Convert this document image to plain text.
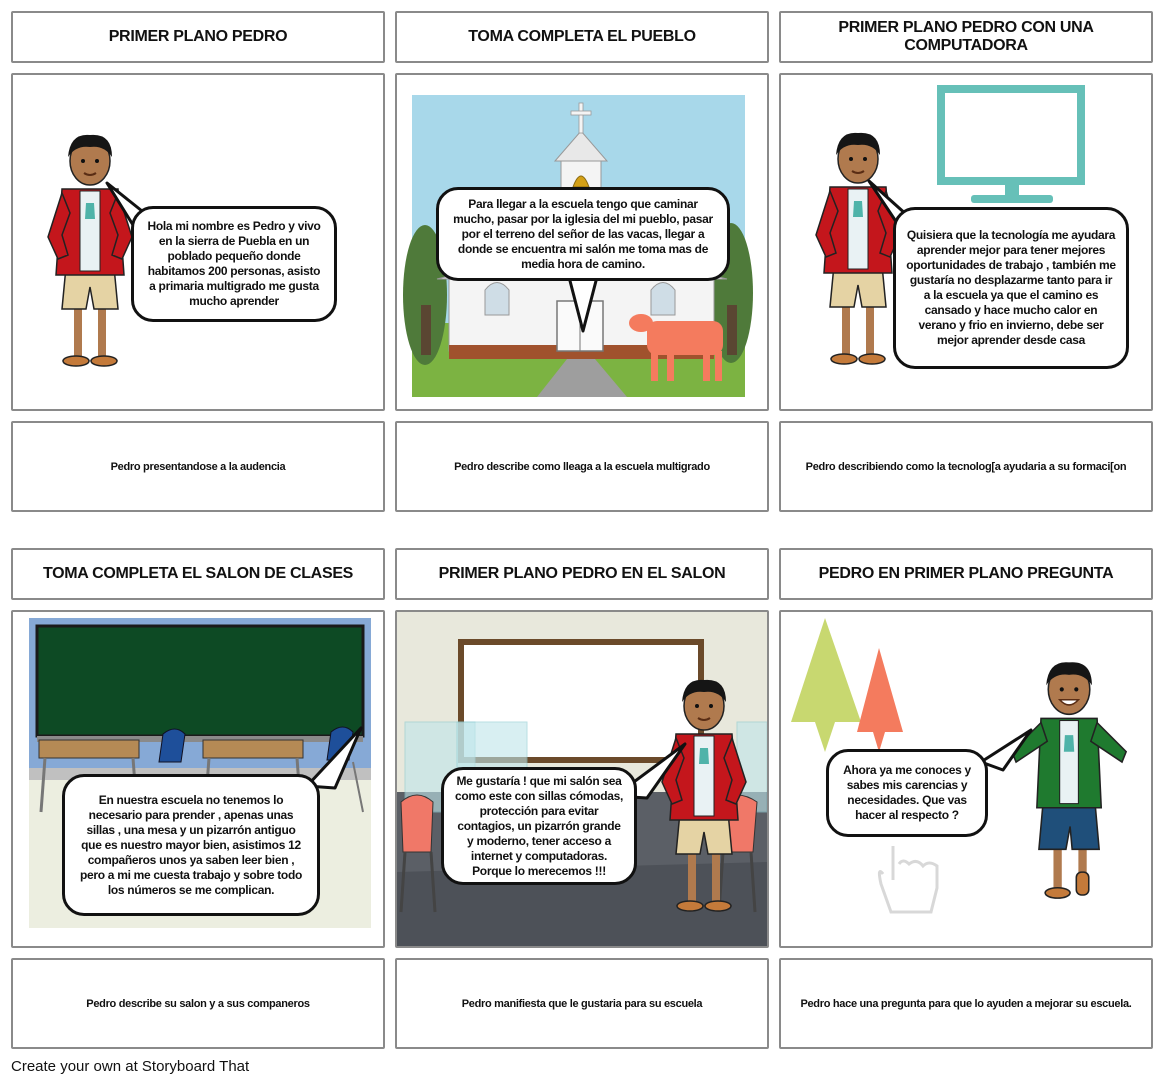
PRIMER PLANO PEDRO	TOMA COMPLETA EL PUEBLO
PRIMER PLANO PEDRO CON UNA COMPUTADORA
Hola mi nombre es Pedro y vivo en la sierra de Puebla en un poblado pequeño donde habitamos 200 personas, asisto a primaria multigrado me gusta mucho aprender
Para llegar a la escuela tengo que caminar mucho, pasar por la iglesia del mi pueblo, pasar por el terreno del señor de las vacas, llegar a donde se encuentra mi salón me toma mas de media hora de camino.
Quisiera que la tecnología me ayudara aprender mejor para tener mejores oportunidades de trabajo , también me gustaría no desplazarme tanto para ir a la escuela ya que el camino es cansado y hace mucho calor en verano y frio en invierno, debe ser mejor aprender desde casa
Pedro presentandose a la audencia	Pedro describe como lleaga a la escuela multigrado	Pedro describiendo como la tecnolog[a ayudaria a su formaci[on
TOMA COMPLETA EL SALON DE CLASES	PRIMER PLANO PEDRO EN EL SALON	PEDRO EN PRIMER PLANO PREGUNTA
En nuestra escuela no tenemos lo necesario para prender , apenas unas sillas , una mesa y un pizarrón antiguo que es nuestro mayor bien, asistimos 12 compañeros unos ya saben leer bien , pero a mi me cuesta trabajo y sobre todo los números se me complican.
Me gustaría ! que mi salón sea como este con sillas cómodas, protección para evitar contagios, un pizarrón grande y moderno, tener acceso a internet y computadoras. Porque lo merecemos !!!
Ahora ya me conoces y sabes mis carencias y necesidades. Que vas hacer al respecto ?
Pedro describe su salon y a sus companeros	Pedro manifiesta que le gustaria para su escuela	Pedro hace una pregunta para que lo ayuden a mejorar su escuela.
Create your own at Storyboard That
